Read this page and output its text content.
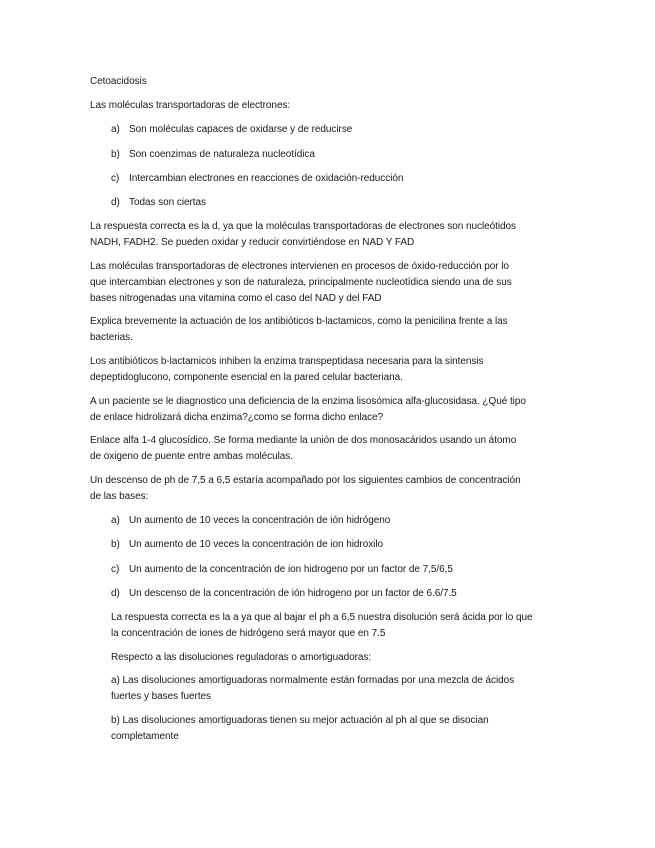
Cetoacidosis
Las moléculas transportadoras de electrones:
a) Son moléculas capaces de oxidarse y de reducirse
b) Son coenzimas de naturaleza nucleotídica
c) Intercambian electrones en reacciones de oxidación-reducción
d) Todas son ciertas
La respuesta correcta es la d, ya que la moléculas transportadoras de electrones son nucleótidos
NADH, FADH2. Se pueden oxidar y reducir convirtiéndose en NAD Y FAD
Las moléculas transportadoras de electrones intervienen en procesos de óxido-reducción por lo
que intercambian electrones y son de naturaleza, principalmente nucleotídica siendo una de sus
bases nitrogenadas una vitamina como el caso del NAD y del FAD
Explica brevemente la actuación de los antibióticos b-lactamicos, como la penicilina frente a las
bacterias.
Los antibióticos b-lactamicos inhiben la enzima transpeptidasa necesaria para la sintensis
depeptidoglucono, componente esencial en la pared celular bacteriana.
A un paciente se le diagnostico una deficiencia de la enzima lisosómica alfa-glucosidasa. ¿Qué tipo
de enlace hidrolizará dicha enzima?¿como se forma dicho enlace?
Enlace alfa 1-4 glucosídico. Se forma mediante la unión de dos monosacáridos usando un átomo
de oxigeno de puente entre ambas moléculas.
Un descenso de ph de 7,5 a 6,5 estaría acompañado por los siguientes cambios de concentración
de las bases:
a) Un aumento de 10 veces la concentración de ión hidrógeno
b) Un aumento de 10 veces la concentración de ion hidroxilo
c) Un aumento de la concentración de ion hidrogeno por un factor de 7,5/6,5
d) Un descenso de la concentración de ión hidrogeno por un factor de 6.6/7.5
La respuesta correcta es la a ya que al bajar el ph a 6,5 nuestra disolución será ácida por lo que
la concentración de iones de hidrógeno será mayor que en 7.5
Respecto a las disoluciones reguladoras o amortiguadoras:
a) Las disoluciones amortiguadoras normalmente están formadas por una mezcla de ácidos
fuertes y bases fuertes
b) Las disoluciones amortiguadoras tienen su mejor actuación al ph al que se disocian
completamente
